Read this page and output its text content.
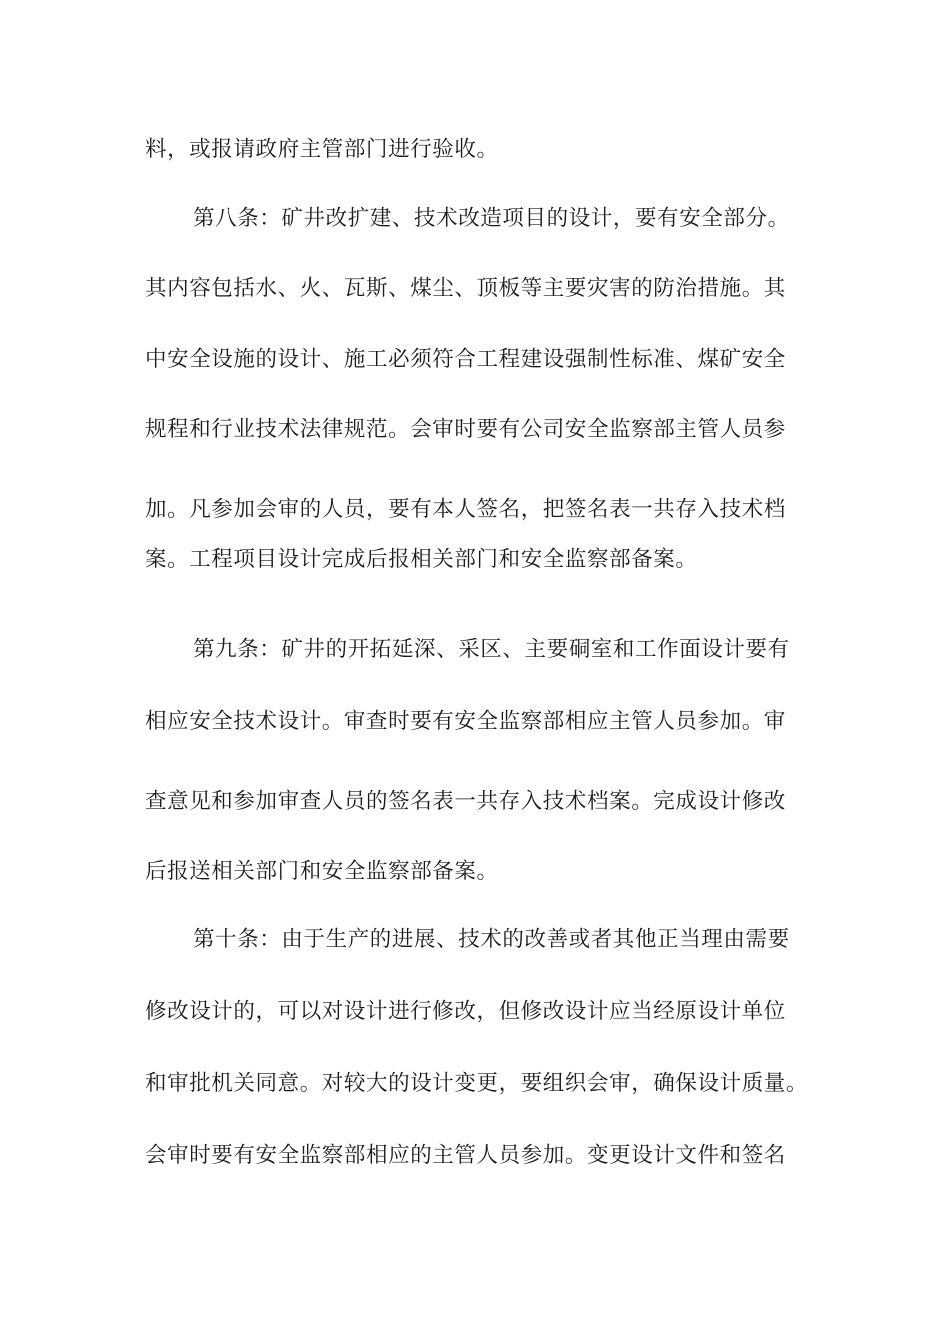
料，或报请政府主管部门进行验收。
第八条：矿井改扩建、技术改造项目的设计，要有安全部分。
其内容包括水、火、瓦斯、煤尘、顶板等主要灾害的防治措施。其
中安全设施的设计、施工必须符合工程建设强制性标准、煤矿安全
规程和行业技术法律规范。会审时要有公司安全监察部主管人员参
加。凡参加会审的人员，要有本人签名，把签名表一共存入技术档
案。工程项目设计完成后报相关部门和安全监察部备案。
第九条：矿井的开拓延深、采区、主要硐室和工作面设计要有
相应安全技术设计。审查时要有安全监察部相应主管人员参加。审
查意见和参加审查人员的签名表一共存入技术档案。完成设计修改
后报送相关部门和安全监察部备案。
第十条：由于生产的进展、技术的改善或者其他正当理由需要
修改设计的，可以对设计进行修改，但修改设计应当经原设计单位
和审批机关同意。对较大的设计变更，要组织会审，确保设计质量。
会审时要有安全监察部相应的主管人员参加。变更设计文件和签名
